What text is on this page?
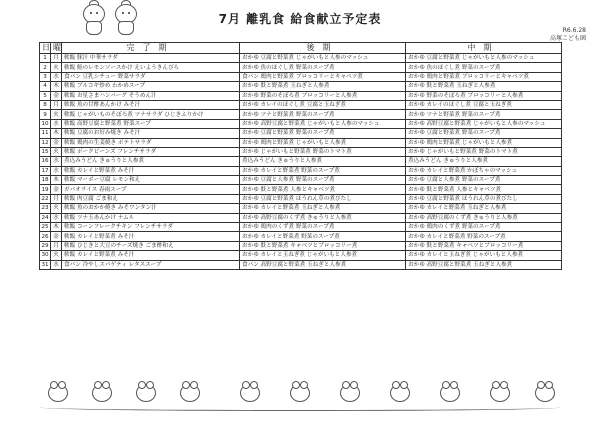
7月 離乳食 給食献立予定表
R6.6.28
高塚こども園
日	曜	完了期	後期	中期
1	月	軟飯 豚汁 中華サラダ	おかゆ 豆腐と野菜煮 じゃがいもと人参のマッシュ	おかゆ 豆腐と野菜煮 じゃがいもと人参のマッシュ
2	火	軟飯 鮭のレモンソースかけ えいようきんぴら	おかゆ 魚のほぐし煮 野菜のスープ煮	おかゆ 魚のほぐし煮 野菜のスープ煮
3	水	食パン 豆乳シチュー 野菜サラダ	食パン 鶏肉と野菜煮 ブロッコリーとキャベツ煮	おかゆ 鶏肉と野菜煮 ブロッコリーとキャベツ煮
4	木	軟飯 ブルコギ炒め わかめスープ	おかゆ 麩と野菜煮 玉ねぎと人参煮	おかゆ 麩と野菜煮 玉ねぎと人参煮
5	金	軟飯 お星さまハンバーグ そうめん汁	おかゆ 野菜のそぼろ煮 ブロッコリーと人参煮	おかゆ 野菜のそぼろ煮 ブロッコリーと人参煮
8	月	軟飯 魚の甘酢あんかけ みそ汁	おかゆ カレイのほぐし煮 豆腐と玉ねぎ煮	おかゆ カレイのほぐし煮 豆腐と玉ねぎ煮
9	火	軟飯 じゃがいものそぼろ煮 ツナサラダ ひじきふりかけ	おかゆ ツナと野菜煮 野菜のスープ煮	おかゆ ツナと野菜煮 野菜のスープ煮
10	水	軟飯 高野豆腐と野菜煮 野菜スープ	おかゆ 高野豆腐と野菜煮 じゃがいもと人参のマッシュ	おかゆ 高野豆腐と野菜煮 じゃがいもと人参のマッシュ
11	木	軟飯 豆腐のお好み焼き みそ汁	おかゆ 豆腐と野菜煮 野菜のスープ煮	おかゆ 豆腐と野菜煮 野菜のスープ煮
12	金	軟飯 鶏肉の生姜焼き ポテトサラダ	おかゆ 鶏肉と野菜煮 じゃがいもと人参煮	おかゆ 鶏肉と野菜煮 じゃがいもと人参煮
15	火	軟飯 ポークビーンズ フレンチサラダ	おかゆ じゃがいもと野菜煮 野菜のトマト煮	おかゆ じゃがいもと野菜煮 野菜のトマト煮
16	水	煮込みうどん きゅうりと人参煮	煮込みうどん きゅうりと人参煮	煮込みうどん きゅうりと人参煮
17	水	軟飯 カレイと野菜煮 みそ汁	おかゆ カレイと野菜煮 野菜のスープ煮	おかゆ カレイと野菜煮 かぼちゃのマッシュ
18	木	軟飯 マーボー豆腐 レモン和え	おかゆ 豆腐と人参煮 野菜のスープ煮	おかゆ 豆腐と人参煮 野菜のスープ煮
19	金	ガパオライス 春雨スープ	おかゆ 麩と野菜煮 人参とキャベツ煮	おかゆ 麩と野菜煮 人参とキャベツ煮
22	月	軟飯 肉豆腐 ごま和え	おかゆ 豆腐と野菜煮 ほうれん草の煮びたし	おかゆ 豆腐と野菜煮 ほうれん草の煮びたし
23	火	軟飯 魚のおかか焼き みそワンタン汁	おかゆ カレイと野菜煮 玉ねぎと人参煮	おかゆ カレイと野菜煮 玉ねぎと人参煮
24	水	軟飯 ツナ玉あんかけ ナムル	おかゆ 高野豆腐のくず煮 きゅうりと人参煮	おかゆ 高野豆腐のくず煮 きゅうりと人参煮
25	木	軟飯 コーンフレークチキン フレンチサラダ	おかゆ 鶏肉のくず煮 野菜のスープ煮	おかゆ 鶏肉のくず煮 野菜のスープ煮
26	金	軟飯 カレイと野菜煮 みそ汁	おかゆ カレイと野菜煮 野菜のスープ煮	おかゆ カレイと野菜煮 野菜のスープ煮
29	月	軟飯 ひじきと大豆のチーズ焼き ごま酢和え	おかゆ 麩と野菜煮 キャベツとブロッコリー煮	おかゆ 麩と野菜煮 キャベツとブロッコリー煮
30	火	軟飯 カレイと野菜煮 みそ汁	おかゆ カレイと玉ねぎ煮 じゃがいもと人参煮	おかゆ カレイと玉ねぎ煮 じゃがいもと人参煮
31	水	食パン 冷やしスパゲティ レタススープ	食パン 高野豆腐と野菜煮 玉ねぎと人参煮	おかゆ 高野豆腐と野菜煮 玉ねぎと人参煮
